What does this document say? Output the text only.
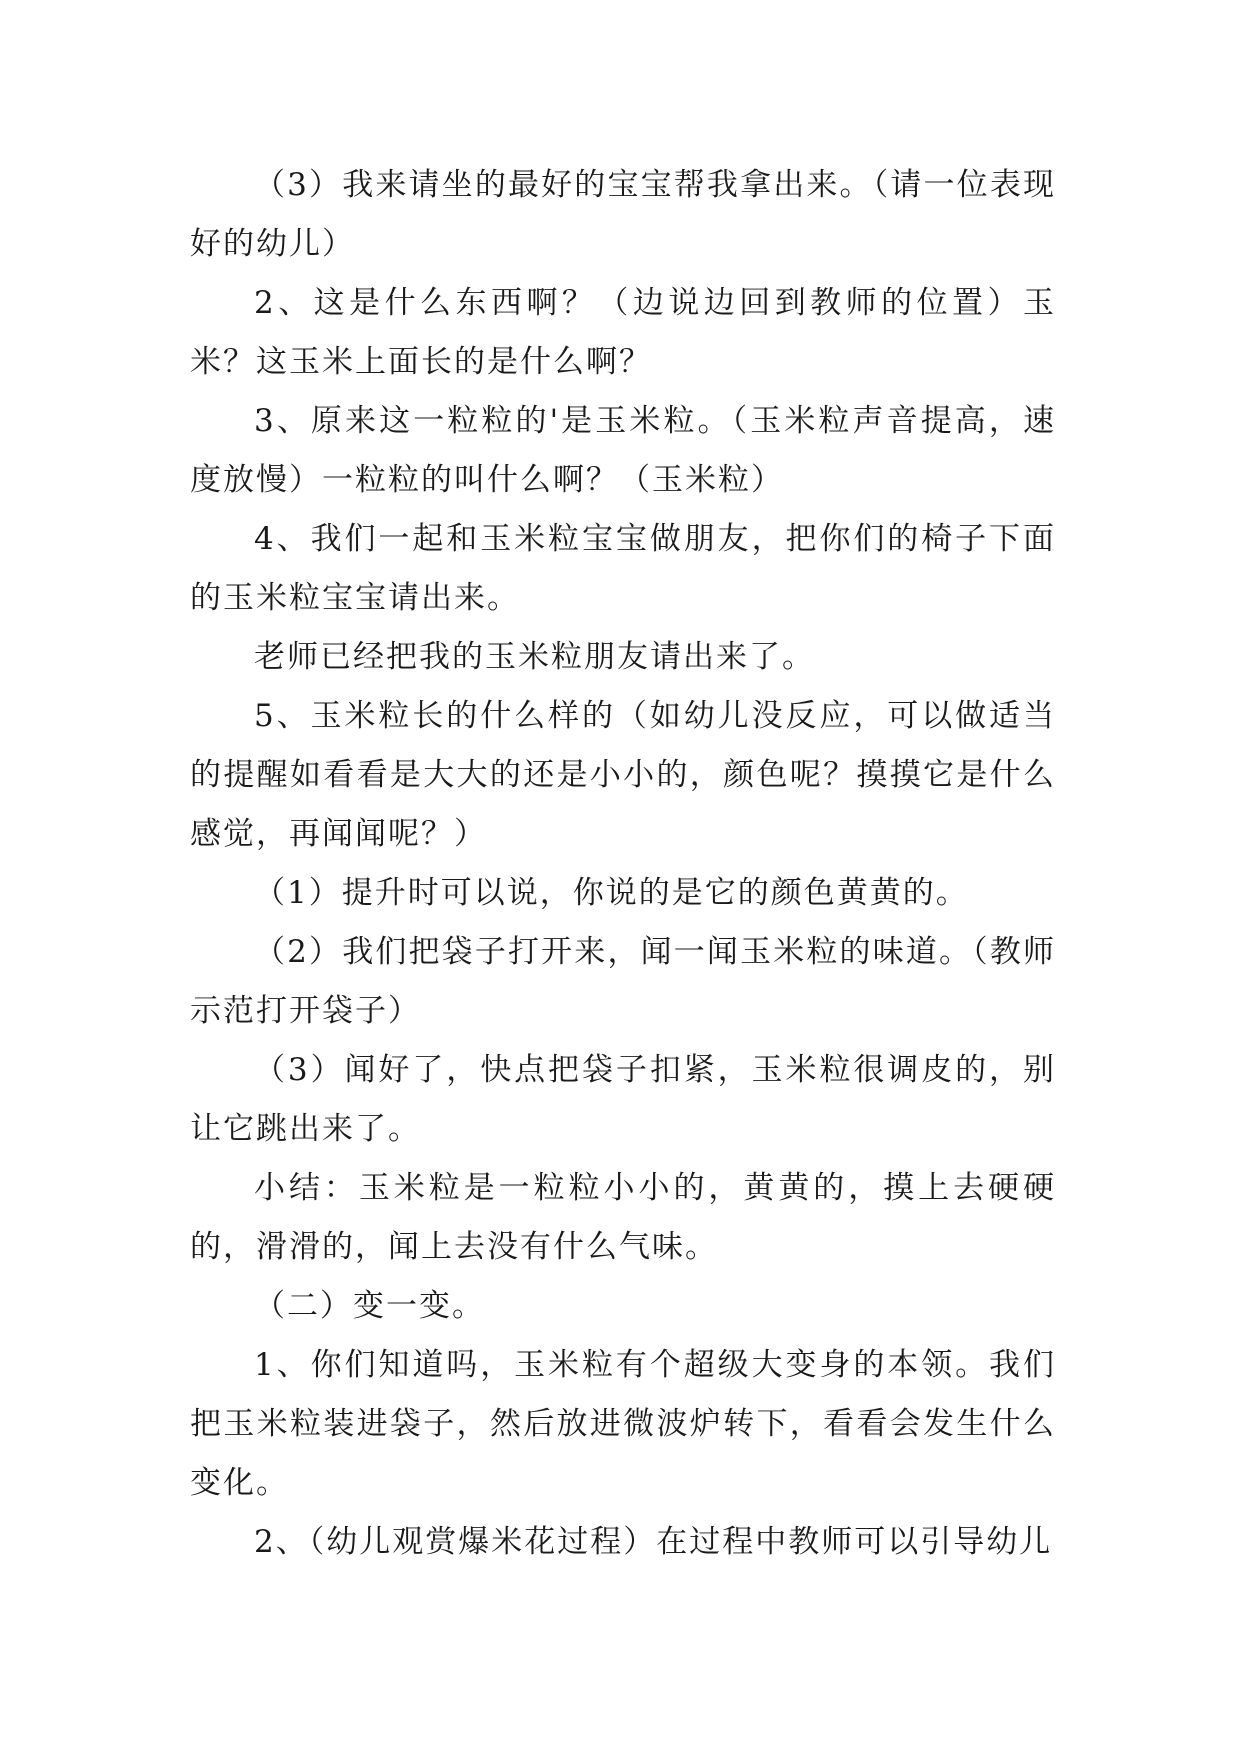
（3）我来请坐的最好的宝宝帮我拿出来。（请一位表现好的幼儿）

2、这是什么东西啊？（边说边回到教师的位置）玉米？这玉米上面长的是什么啊？

3、原来这一粒粒的'是玉米粒。（玉米粒声音提高，速度放慢）一粒粒的叫什么啊？（玉米粒）

4、我们一起和玉米粒宝宝做朋友，把你们的椅子下面的玉米粒宝宝请出来。

老师已经把我的玉米粒朋友请出来了。

5、玉米粒长的什么样的（如幼儿没反应，可以做适当的提醒如看看是大大的还是小小的，颜色呢？摸摸它是什么感觉，再闻闻呢？）

（1）提升时可以说，你说的是它的颜色黄黄的。

（2）我们把袋子打开来，闻一闻玉米粒的味道。（教师示范打开袋子）

（3）闻好了，快点把袋子扣紧，玉米粒很调皮的，别让它跳出来了。

小结：玉米粒是一粒粒小小的，黄黄的，摸上去硬硬的，滑滑的，闻上去没有什么气味。

（二）变一变。

1、你们知道吗，玉米粒有个超级大变身的本领。我们把玉米粒装进袋子，然后放进微波炉转下，看看会发生什么变化。

2、（幼儿观赏爆米花过程）在过程中教师可以引导幼儿
